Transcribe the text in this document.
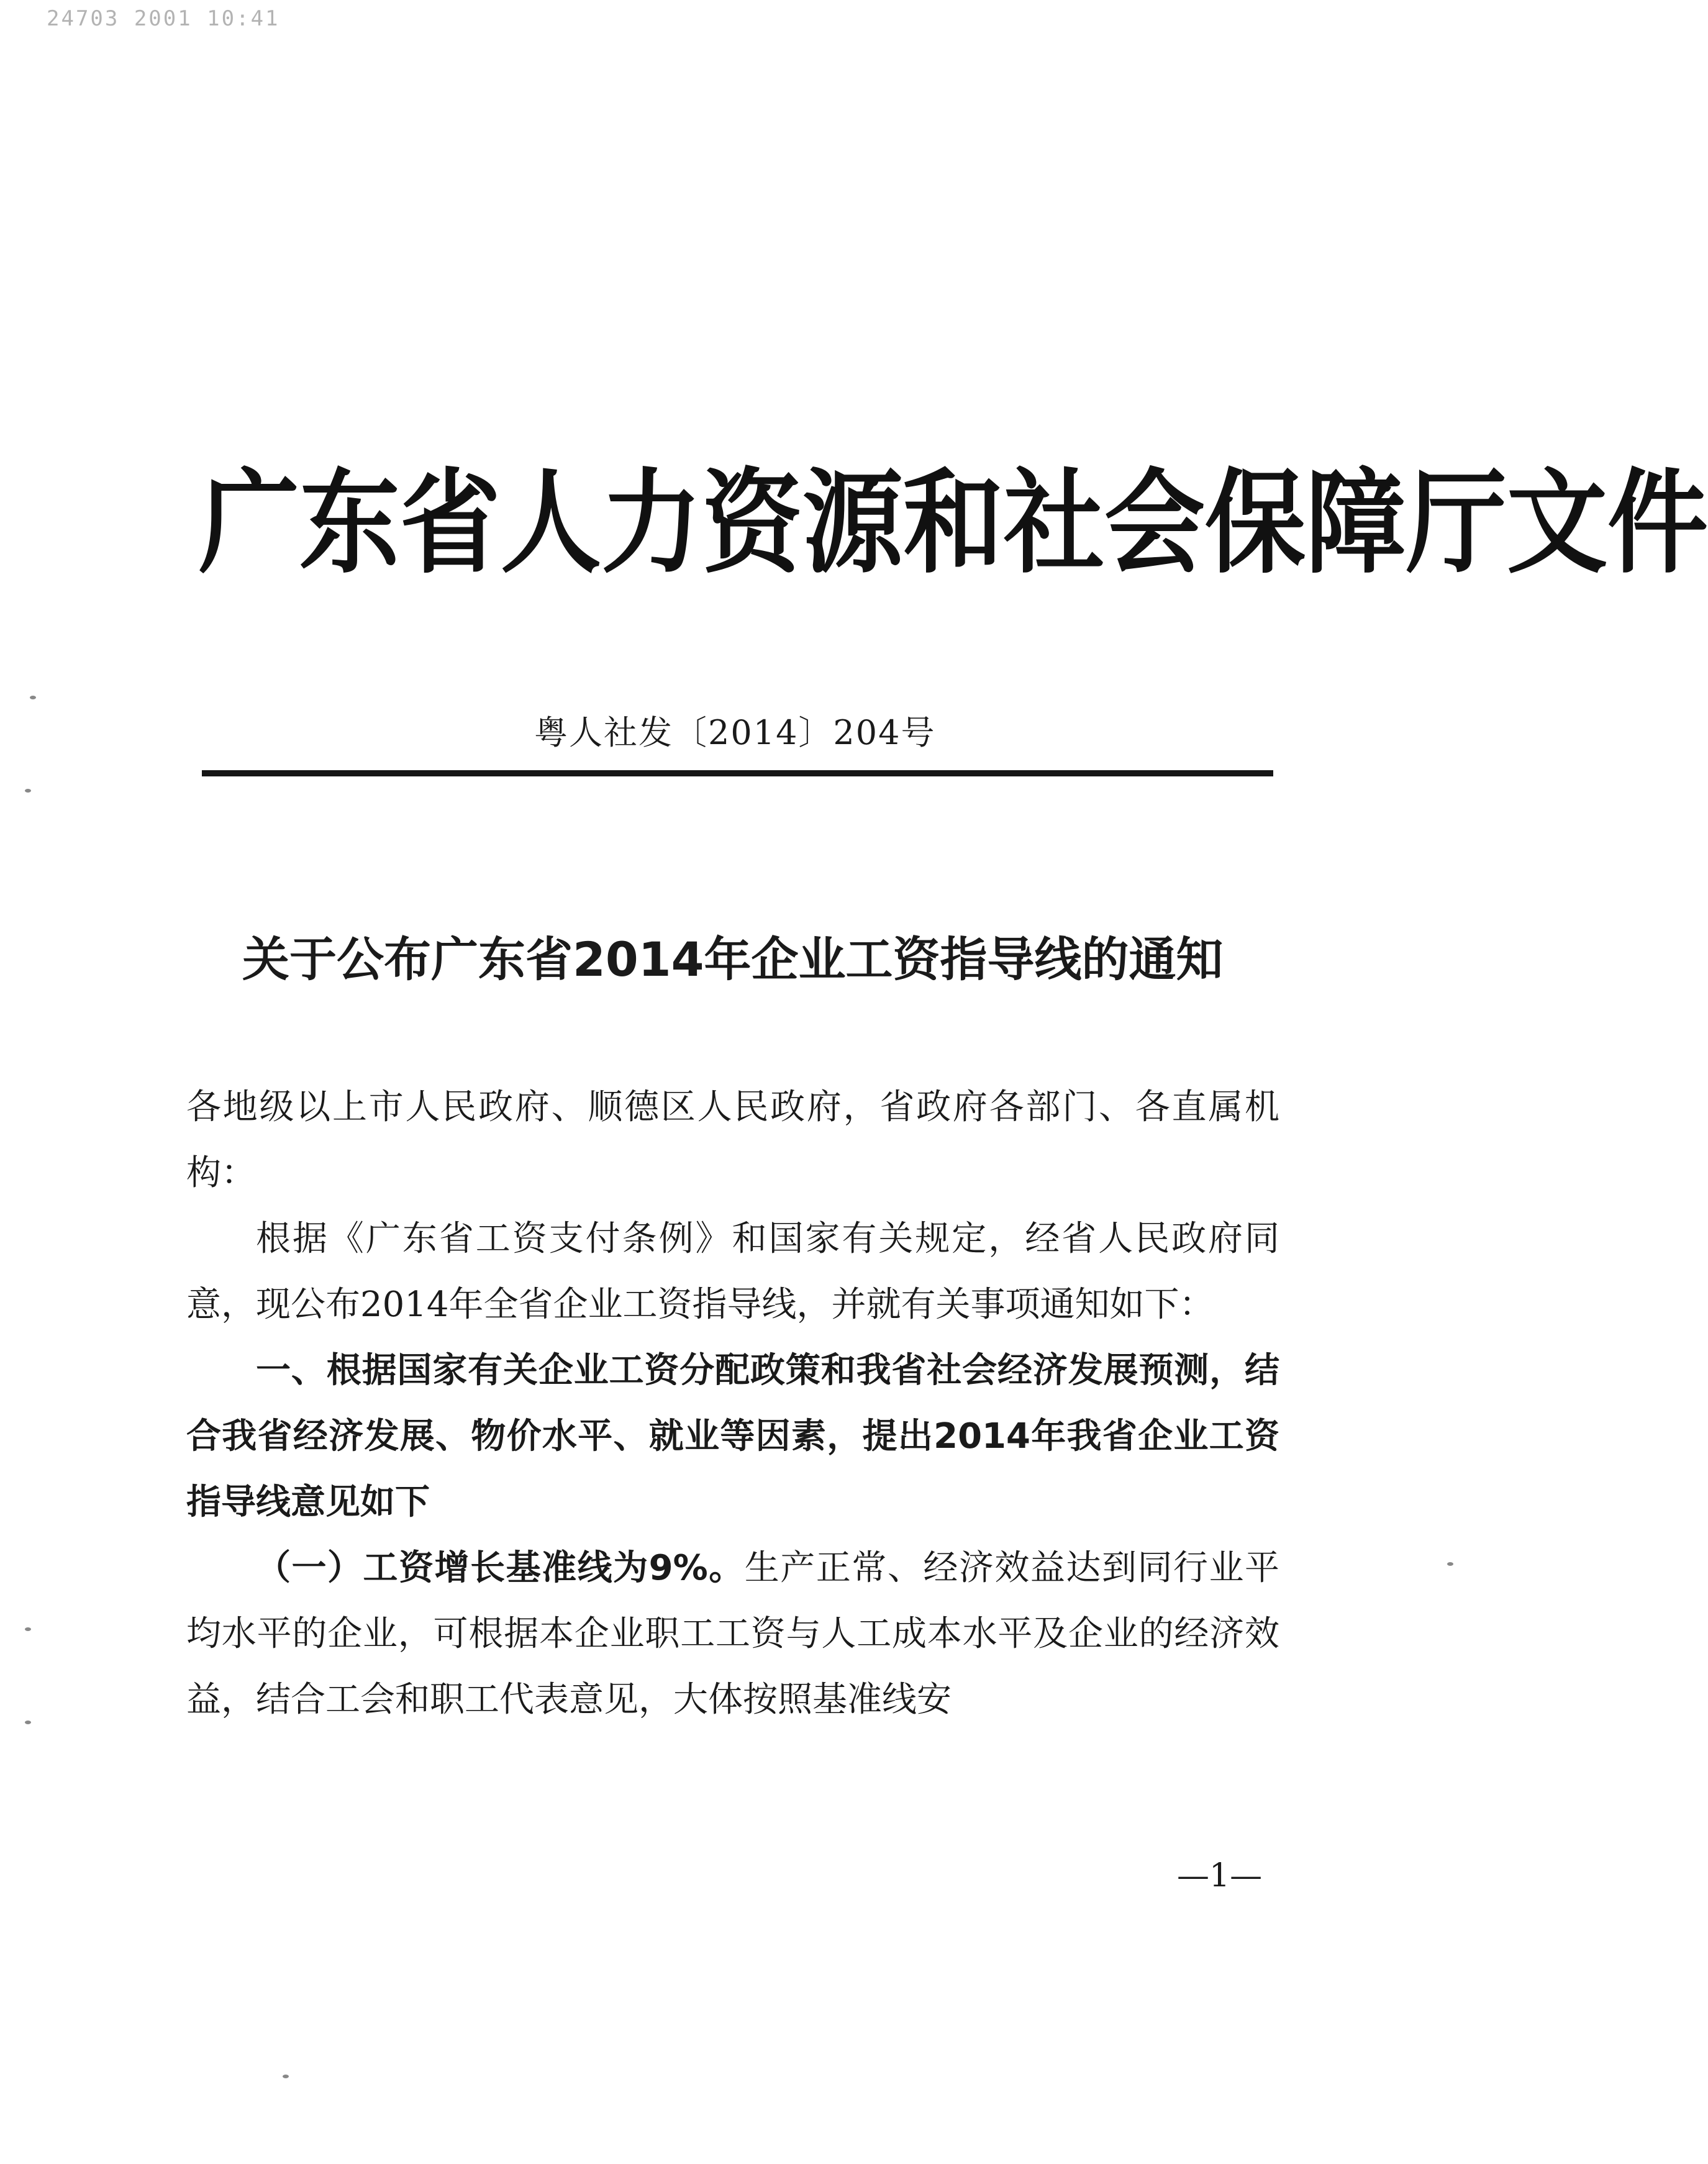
24703 2001 10:41
广东省人力资源和社会保障厅文件
粤人社发〔2014〕204号
关于公布广东省2014年企业工资指导线的通知

各地级以上市人民政府、顺德区人民政府，省政府各部门、各直属机构：

根据《广东省工资支付条例》和国家有关规定，经省人民政府同意，现公布2014年全省企业工资指导线，并就有关事项通知如下：

一、根据国家有关企业工资分配政策和我省社会经济发展预测，结合我省经济发展、物价水平、就业等因素，提出2014年我省企业工资指导线意见如下

（一）工资增长基准线为9%。生产正常、经济效益达到同行业平均水平的企业，可根据本企业职工工资与人工成本水平及企业的经济效益，结合工会和职工代表意见，大体按照基准线安

—1—
